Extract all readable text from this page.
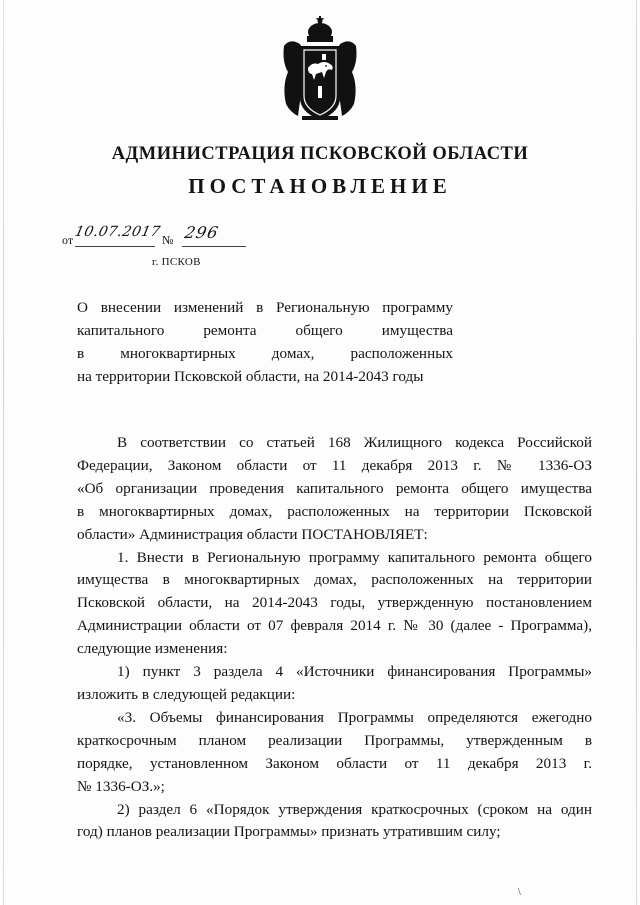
АДМИНИСТРАЦИЯ ПСКОВСКОЙ ОБЛАСТИ
ПОСТАНОВЛЕНИЕ
от 10.07.2017 № 296
г. ПСКОВ
О внесении изменений в Региональную программу
капитального ремонта общего имущества
в многоквартирных домах, расположенных
на территории Псковской области, на 2014-2043 годы
В соответствии со статьей 168 Жилищного кодекса Российской
Федерации, Законом области от 11 декабря 2013 г. № 1336-ОЗ
«Об организации проведения капитального ремонта общего имущества
в многоквартирных домах, расположенных на территории Псковской
области» Администрация области ПОСТАНОВЛЯЕТ:
1. Внести в Региональную программу капитального ремонта общего
имущества в многоквартирных домах, расположенных на территории
Псковской области, на 2014-2043 годы, утвержденную постановлением
Администрации области от 07 февраля 2014 г. № 30 (далее - Программа),
следующие изменения:
1) пункт 3 раздела 4 «Источники финансирования Программы»
изложить в следующей редакции:
«3. Объемы финансирования Программы определяются ежегодно
краткосрочным планом реализации Программы, утвержденным в
порядке, установленном Законом области от 11 декабря 2013 г.
№ 1336-ОЗ.»;
2) раздел 6 «Порядок утверждения краткосрочных (сроком на один
год) планов реализации Программы» признать утратившим силу;
\
